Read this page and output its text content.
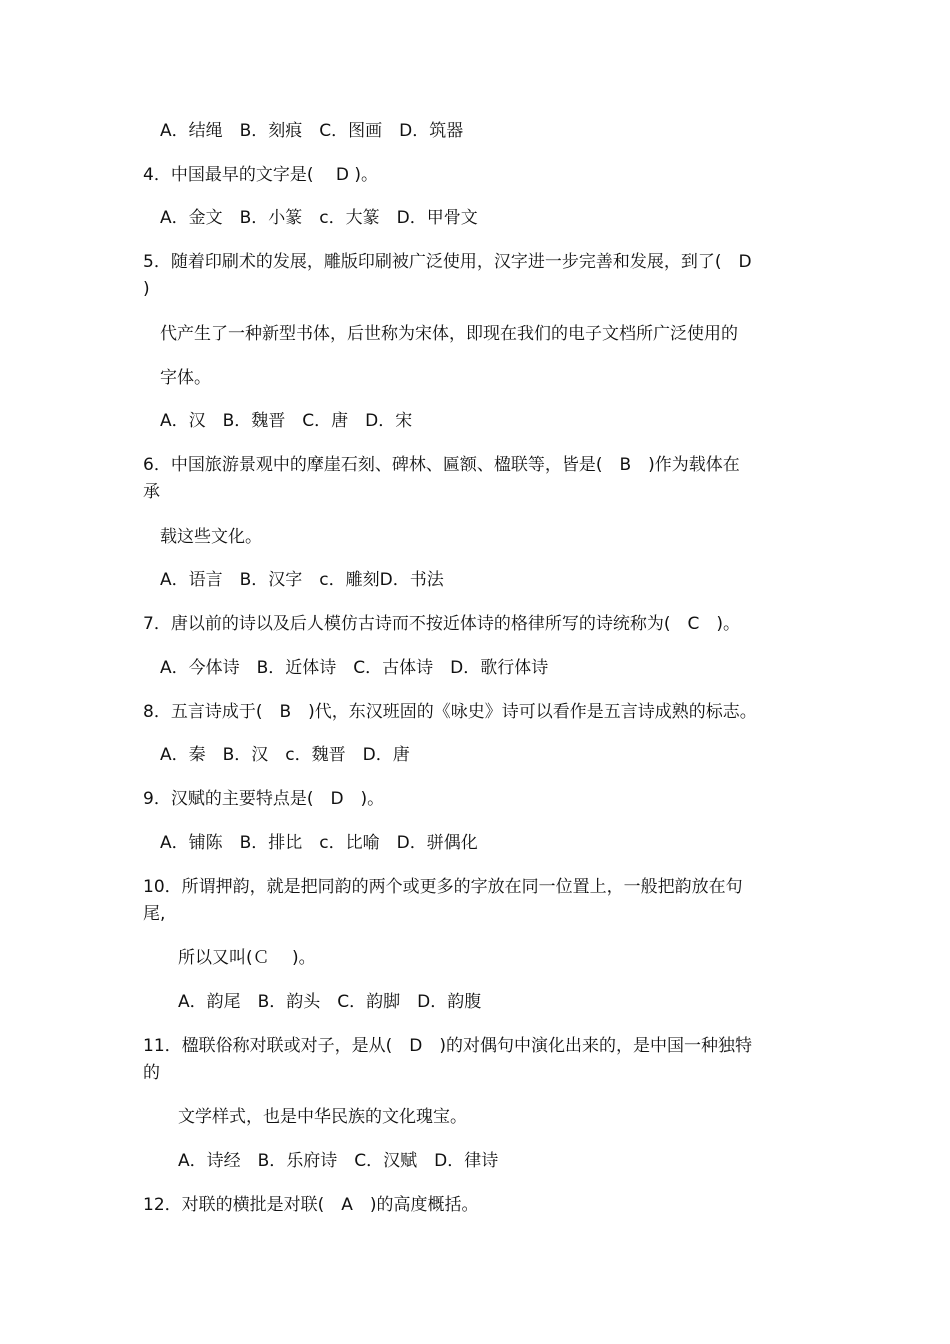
A．结绳　B．刻痕　C．图画　D．筑器
4．中国最早的文字是(　 D )。
A．金文　B．小篆　c．大篆　D．甲骨文
5．随着印刷术的发展，雕版印刷被广泛使用，汉字进一步完善和发展，到了(　D
)
代产生了一种新型书体，后世称为宋体，即现在我们的电子文档所广泛使用的
字体。
A．汉　B．魏晋　C．唐　D．宋
6．中国旅游景观中的摩崖石刻、碑林、匾额、楹联等，皆是(　B　)作为载体在
承
载这些文化。
A．语言　B．汉字　c．雕刻D．书法
7．唐以前的诗以及后人模仿古诗而不按近体诗的格律所写的诗统称为(　C　)。
A．今体诗　B．近体诗　C．古体诗　D．歌行体诗
8．五言诗成于(　B　)代，东汉班固的《咏史》诗可以看作是五言诗成熟的标志。
A．秦　B．汉　c．魏晋　D．唐
9．汉赋的主要特点是(　D　)。
A．铺陈　B．排比　c．比喻　D．骈偶化
10．所谓押韵，就是把同韵的两个或更多的字放在同一位置上，一般把韵放在句
尾,
所以又叫(Ｃ　 )。
A．韵尾　B．韵头　C．韵脚　D．韵腹
11．楹联俗称对联或对子，是从(　D　)的对偶句中演化出来的，是中国一种独特
的
文学样式，也是中华民族的文化瑰宝。
A．诗经　B．乐府诗　C．汉赋　D．律诗
12．对联的横批是对联(　A　)的高度概括。
